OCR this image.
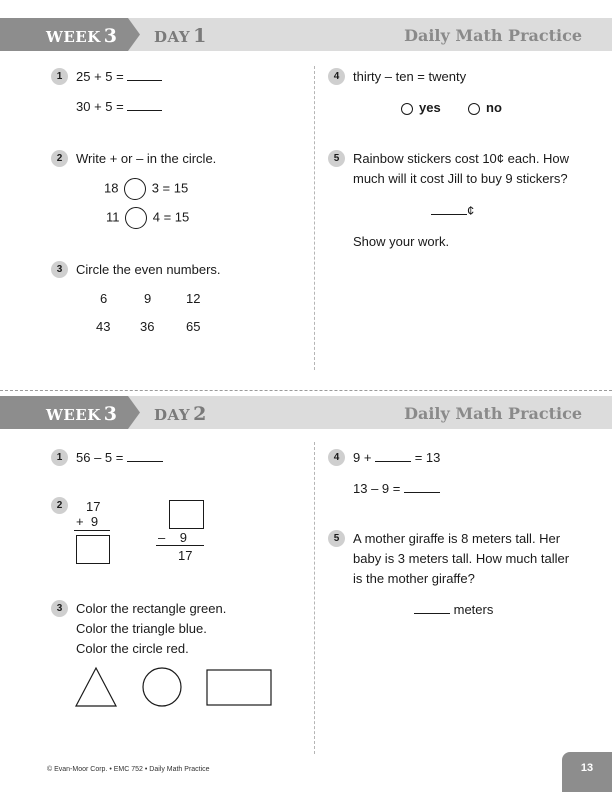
WEEK 3 DAY 1	Daily Math Practice
1	25 + 5 =
30 + 5 =
2	Write + or – in the circle.
18	3 = 15
11	4 = 15
3	Circle the even numbers.
6	9	12
43 36 65
4	thirty – ten = twenty
yes	no
5	Rainbow stickers cost 10¢ each. How
much will it cost Jill to buy 9 stickers?
¢
Show your work.
WEEK 3 DAY 2	Daily Math Practice
1	56 – 5 =
2	17
+ 9
– 9
17
3	Color the rectangle green.
Color the triangle blue.
Color the circle red.
4	9 +	= 13
13 – 9 =
5	A mother giraffe is 8 meters tall. Her
baby is 3 meters tall. How much taller
is the mother giraffe?
meters
© Evan-Moor Corp. • EMC 752 • Daily Math Practice	13
